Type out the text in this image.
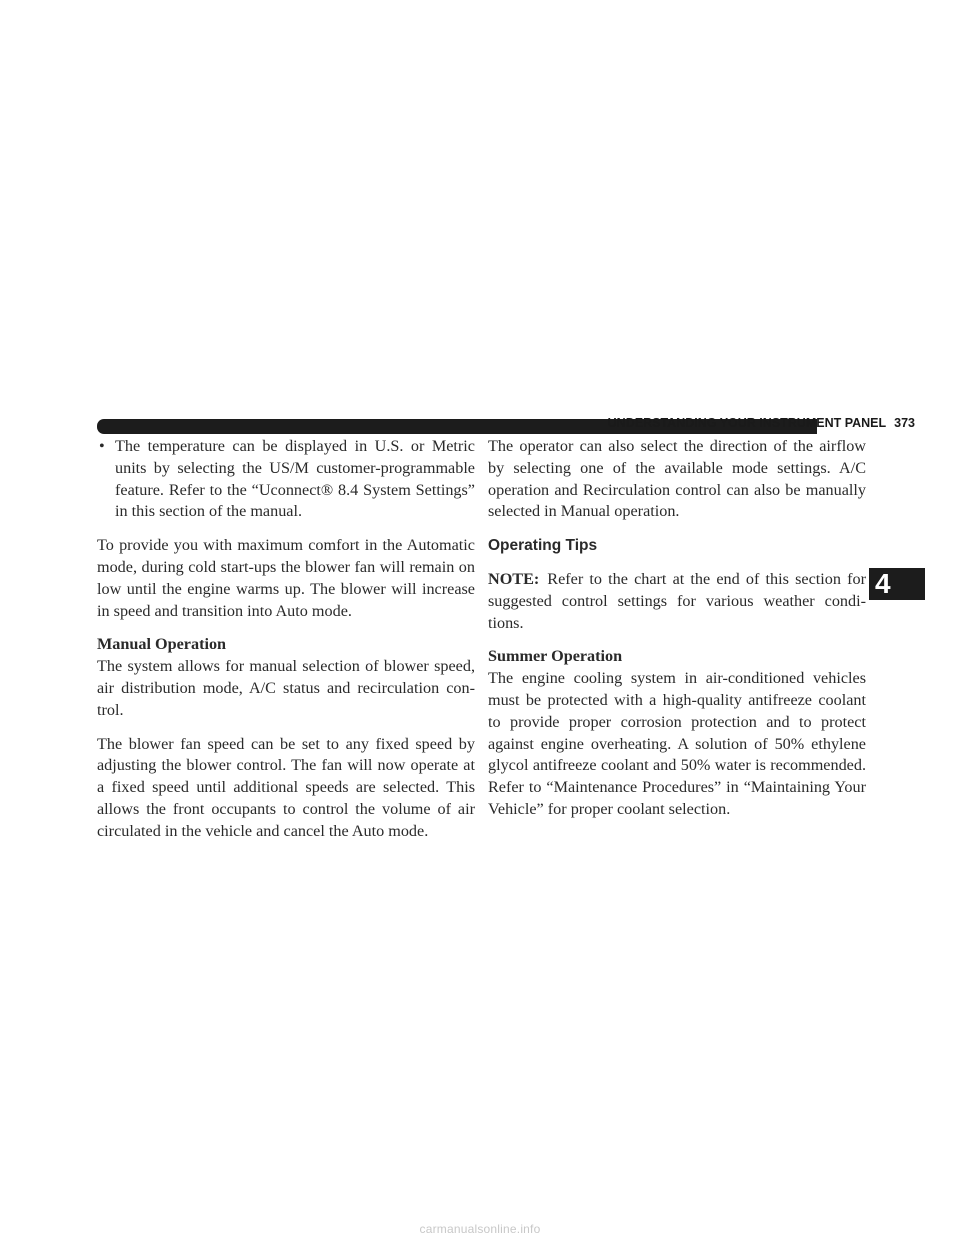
UNDERSTANDING YOUR INSTRUMENT PANEL 373
4
• The temperature can be displayed in U.S. or Metric units by selecting the US/M customer-programmable feature. Refer to the “Uconnect® 8.4 System Settings” in this section of the manual.

To provide you with maximum comfort in the Automatic mode, during cold start-ups the blower fan will remain on low until the engine warms up. The blower will increase in speed and transition into Auto mode.

Manual Operation

The system allows for manual selection of blower speed, air distribution mode, A/C status and recirculation con-trol.

The blower fan speed can be set to any fixed speed by adjusting the blower control. The fan will now operate at a fixed speed until additional speeds are selected. This allows the front occupants to control the volume of air circulated in the vehicle and cancel the Auto mode.

The operator can also select the direction of the airflow by selecting one of the available mode settings. A/C operation and Recirculation control can also be manually selected in Manual operation.

Operating Tips

NOTE: Refer to the chart at the end of this section for suggested control settings for various weather condi-tions.

Summer Operation

The engine cooling system in air-conditioned vehicles must be protected with a high-quality antifreeze coolant to provide proper corrosion protection and to protect against engine overheating. A solution of 50% ethylene glycol antifreeze coolant and 50% water is recommended. Refer to “Maintenance Procedures” in “Maintaining Your Vehicle” for proper coolant selection.

carmanualsonline.info
